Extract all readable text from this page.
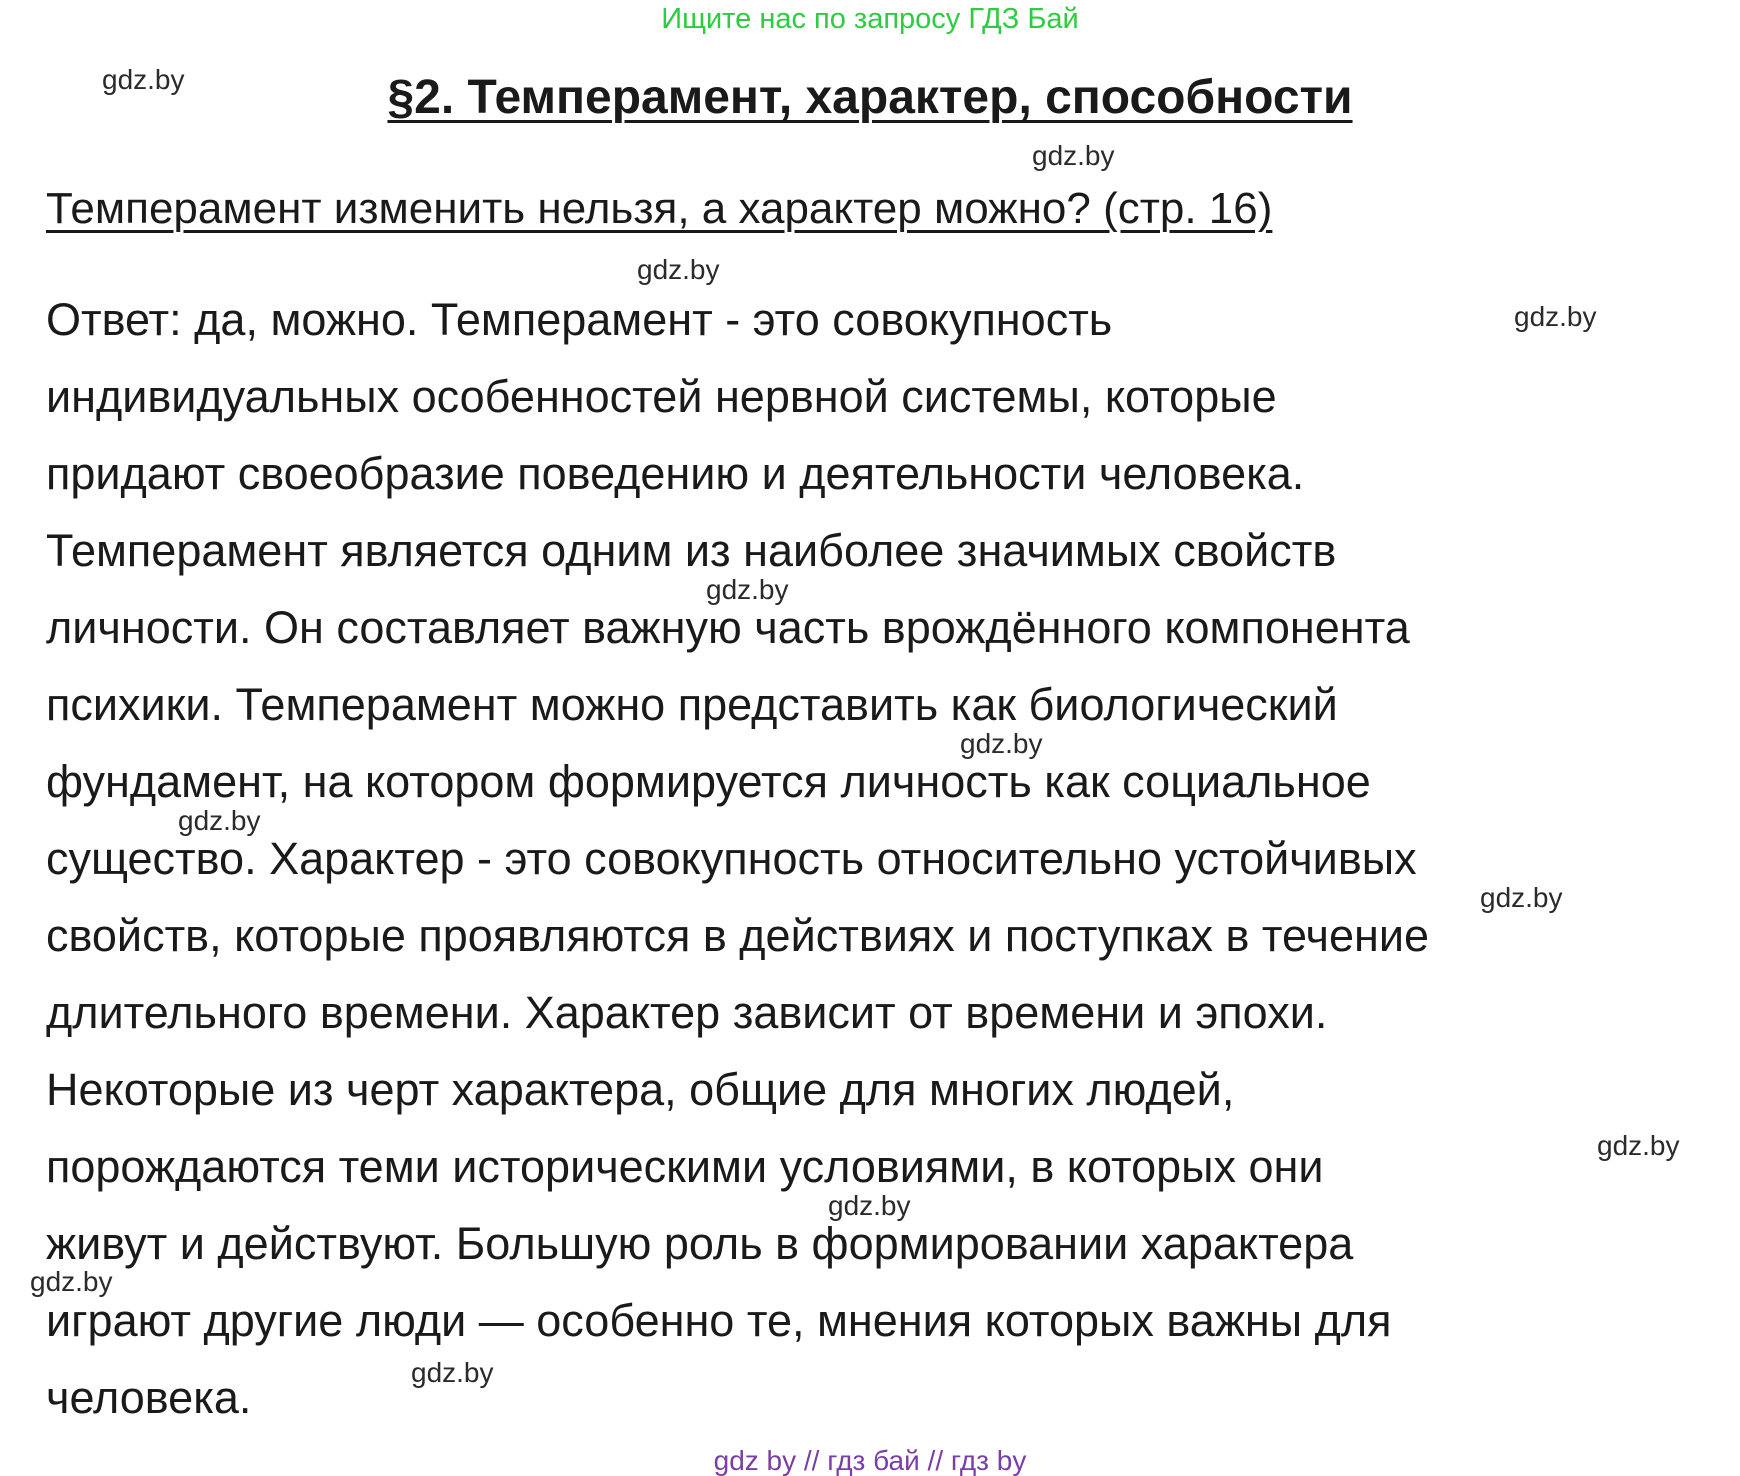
Ищите нас по запросу ГДЗ Бай
gdz.by	§2. Темперамент, характер, способности
gdz.by
Темперамент изменить нельзя, а характер можно? (стр. 16)
gdz.by
gdz.by
Ответ: да, можно. Темперамент - это совокупность
индивидуальных особенностей нервной системы, которые
придают своеобразие поведению и деятельности человека.
Темперамент является одним из наиболее значимых свойств
gdz.by
личности. Он составляет важную часть врождённого компонента
психики. Темперамент можно представить как биологический
gdz.by
фундамент, на котором формируется личность как социальное
gdz.by
существо. Характер - это совокупность относительно устойчивых
gdz.by
свойств, которые проявляются в действиях и поступках в течение
длительного времени. Характер зависит от времени и эпохи.
Некоторые из черт характера, общие для многих людей,
gdz.by
порождаются теми историческими условиями, в которых они
gdz.by
живут и действуют. Большую роль в формировании характера
gdz.by
играют другие люди — особенно те, мнения которых важны для
gdz.by
человека.
gdz by // гдз бай // гдз by
